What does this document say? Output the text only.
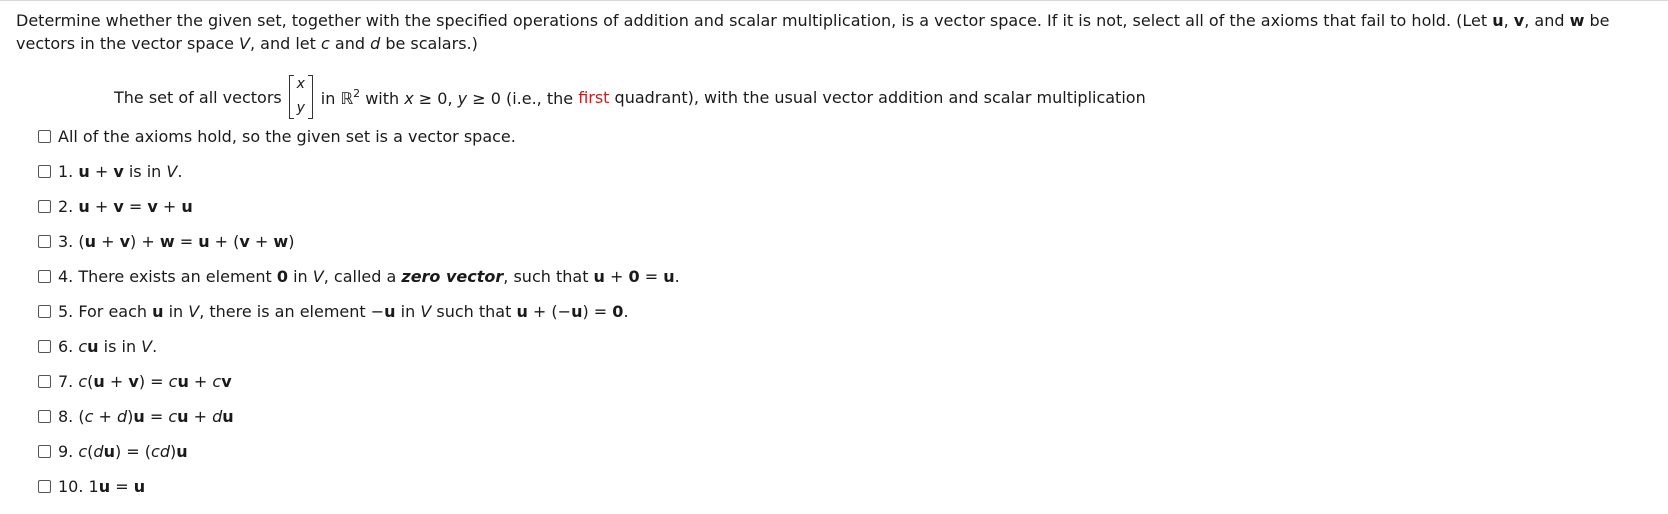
Determine whether the given set, together with the specified operations of addition and scalar multiplication, is a vector space. If it is not, select all of the axioms that fail to hold. (Let u, v, and w be vectors in the vector space V, and let c and d be scalars.)
The set of all vectors
x
y
in ℝ$^2$ with x ≥ 0, y ≥ 0 (i.e., the
first
quadrant), with the usual vector addition and scalar multiplication
All of the axioms hold, so the given set is a vector space.
1. u + v is in V.
2. u + v = v + u
3. (u + v) + w = u + (v + w)
4. There exists an element 0 in V, called a zero vector, such that u + 0 = u.
5. For each u in V, there is an element −u in V such that u + (−u) = 0.
6. cu is in V.
7. c(u + v) = cu + cv
8. (c + d)u = cu + du
9. c(du) = (cd)u
10. 1u = u
